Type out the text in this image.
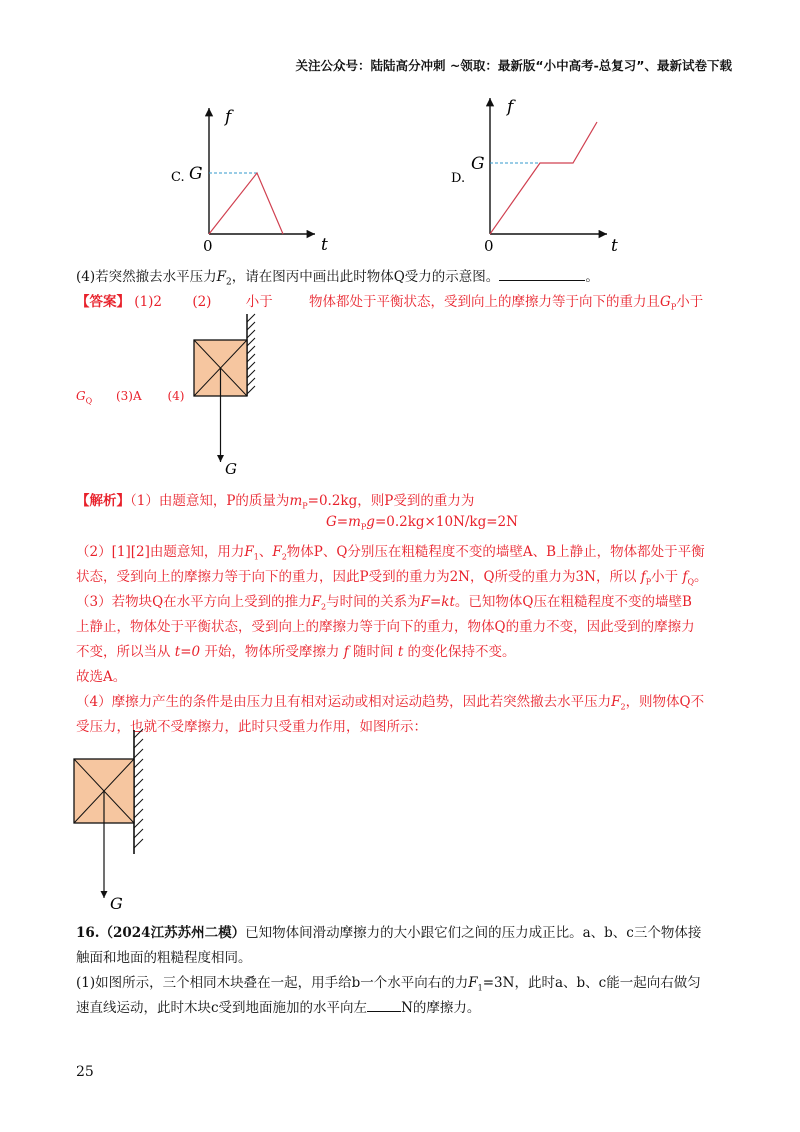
关注公众号：陆陆高分冲刺 ~领取：最新版“小中高考-总复习”、最新试卷下载
C.
f
t
0
G	D.
f
t
0
G
(4)若突然撤去水平压力$F_2$，请在图丙中画出此时物体Q受力的示意图。	。
【答案】 (1)2 (2)	小于	物体都处于平衡状态，受到向上的摩擦力等于向下的重力且$G_P$小于
$G_Q$ (3)A (4)
G
【解析】（1）由题意知，P的质量为$m_P=0.2kg$，则P受到的重力为
$G=m_Pg=0.2kg\times 10N/kg=2N$
（2）[1][2]由题意知，用力$F_1$、$F_2$物体P、Q分别压在粗糙程度不变的墙壁A、B上静止，物体都处于平衡
状态，受到向上的摩擦力等于向下的重力，因此P受到的重力为2N，Q所受的重力为3N，所以 $f_P$小于 $f_Q$。
（3）若物块Q在水平方向上受到的推力$F_2$与时间的关系为F=kt。已知物体Q压在粗糙程度不变的墙壁B
上静止，物体处于平衡状态，受到向上的摩擦力等于向下的重力，物体Q的重力不变，因此受到的摩擦力
不变，所以当从 t=0 开始，物体所受摩擦力 f 随时间 t 的变化保持不变。
故选A。
（4）摩擦力产生的条件是由压力且有相对运动或相对运动趋势，因此若突然撤去水平压力$F_2$，则物体Q不
受压力，也就不受摩擦力，此时只受重力作用，如图所示：
G
16.（2024江苏苏州二模）已知物体间滑动摩擦力的大小跟它们之间的压力成正比。a、b、c三个物体接
触面和地面的粗糙程度相同。
(1)如图所示，三个相同木块叠在一起，用手给b一个水平向右的力$F_1=3N$，此时a、b、c能一起向右做匀
速直线运动，此时木块c受到地面施加的水平向左	N的摩擦力。
25
